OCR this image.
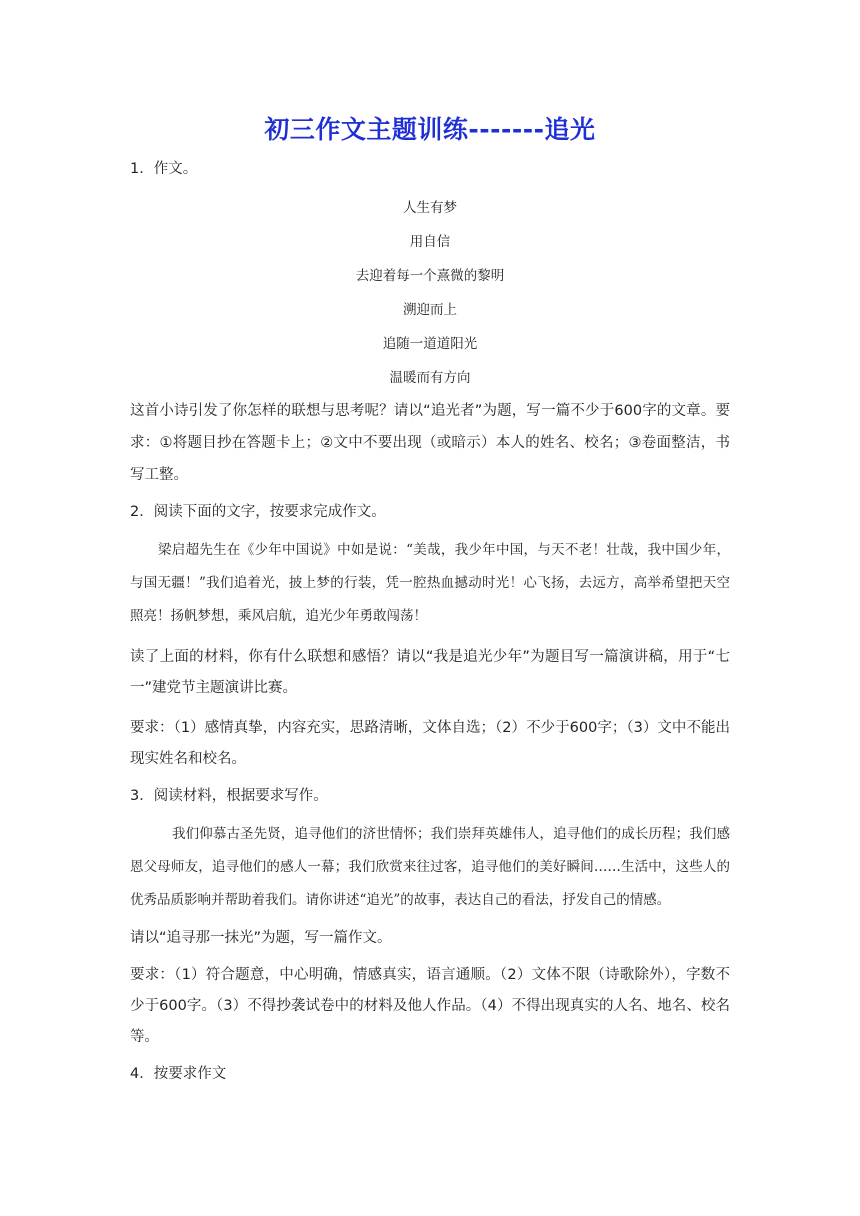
初三作文主题训练-------追光
1．作文。
人生有梦
用自信
去迎着每一个熹微的黎明
溯迎而上
追随一道道阳光
温暖而有方向

这首小诗引发了你怎样的联想与思考呢？请以“追光者”为题，写一篇不少于600字的文章。要求：①将题目抄在答题卡上；②文中不要出现（或暗示）本人的姓名、校名；③卷面整洁，书写工整。

2．阅读下面的文字，按要求完成作文。

梁启超先生在《少年中国说》中如是说：“美哉，我少年中国，与天不老！壮哉，我中国少年，与国无疆！”我们追着光，披上梦的行装，凭一腔热血撼动时光！心飞扬，去远方，高举希望把天空照亮！扬帆梦想，乘风启航，追光少年勇敢闯荡！

读了上面的材料，你有什么联想和感悟？请以“我是追光少年”为题目写一篇演讲稿，用于“七一”建党节主题演讲比赛。

要求：（1）感情真挚，内容充实，思路清晰，文体自选；（2）不少于600字；（3）文中不能出现实姓名和校名。

3．阅读材料，根据要求写作。

我们仰慕古圣先贤，追寻他们的济世情怀；我们崇拜英雄伟人，追寻他们的成长历程；我们感恩父母师友，追寻他们的感人一幕；我们欣赏来往过客，追寻他们的美好瞬间……生活中，这些人的优秀品质影响并帮助着我们。请你讲述“追光”的故事，表达自己的看法，抒发自己的情感。

请以“追寻那一抹光”为题，写一篇作文。

要求：（1）符合题意，中心明确，情感真实，语言通顺。（2）文体不限（诗歌除外），字数不少于600字。（3）不得抄袭试卷中的材料及他人作品。（4）不得出现真实的人名、地名、校名等。

4．按要求作文
